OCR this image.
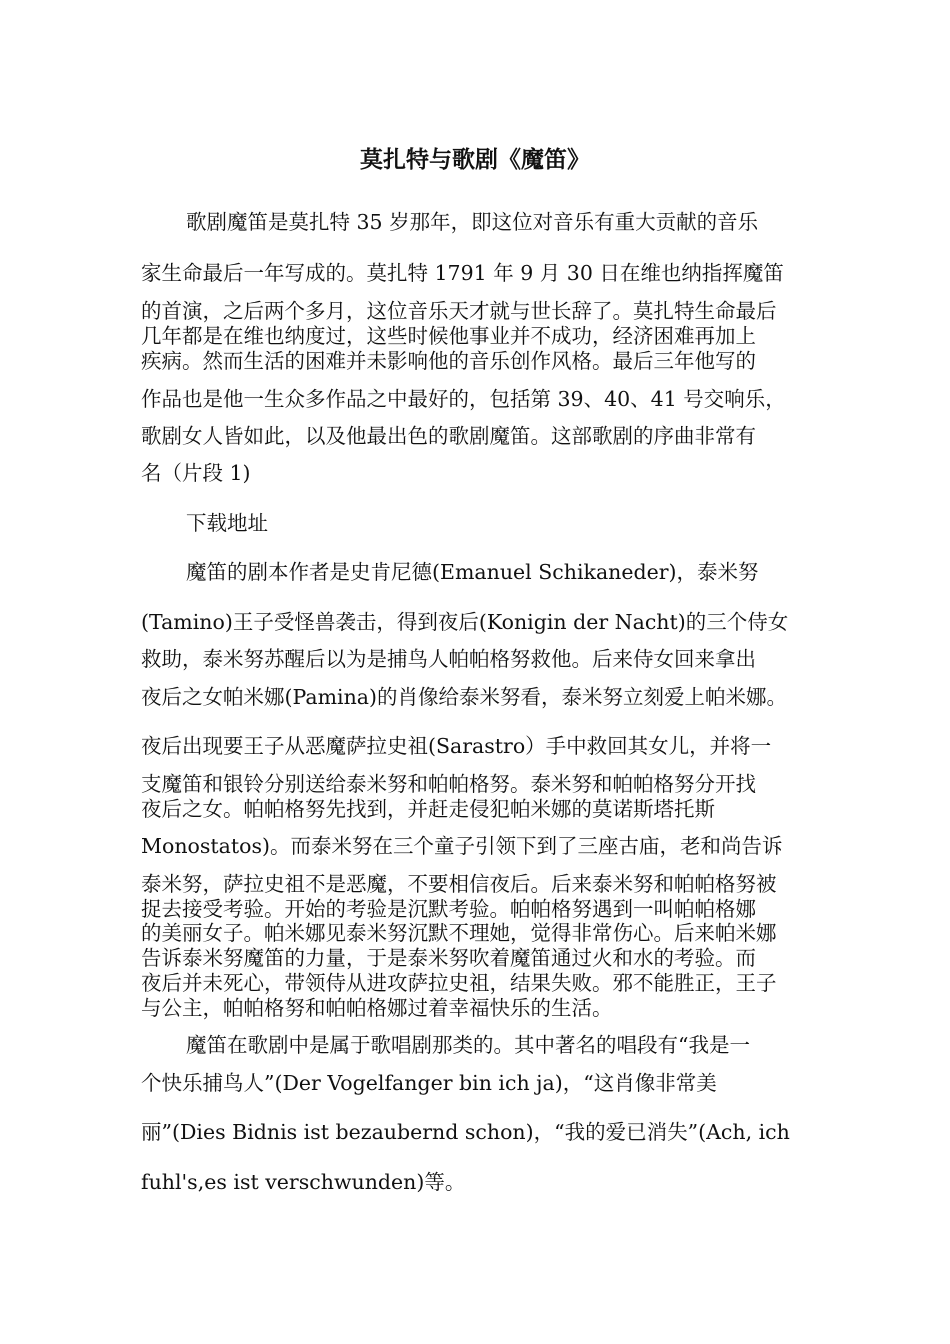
莫扎特与歌剧《魔笛》
歌剧魔笛是莫扎特 35 岁那年，即这位对音乐有重大贡献的音乐
家生命最后一年写成的。莫扎特 1791 年 9 月 30 日在维也纳指挥魔笛
的首演，之后两个多月，这位音乐天才就与世长辞了。莫扎特生命最后
几年都是在维也纳度过，这些时候他事业并不成功，经济困难再加上
疾病。然而生活的困难并未影响他的音乐创作风格。最后三年他写的
作品也是他一生众多作品之中最好的，包括第 39、40、41 号交响乐，
歌剧女人皆如此，以及他最出色的歌剧魔笛。这部歌剧的序曲非常有
名（片段 1)
下载地址
魔笛的剧本作者是史肯尼德(Emanuel Schikaneder)，泰米努
(Tamino)王子受怪兽袭击，得到夜后(Konigin der Nacht)的三个侍女
救助，泰米努苏醒后以为是捕鸟人帕帕格努救他。后来侍女回来拿出
夜后之女帕米娜(Pamina)的肖像给泰米努看，泰米努立刻爱上帕米娜。
夜后出现要王子从恶魔萨拉史祖(Sarastro）手中救回其女儿，并将一
支魔笛和银铃分别送给泰米努和帕帕格努。泰米努和帕帕格努分开找
夜后之女。帕帕格努先找到，并赶走侵犯帕米娜的莫诺斯塔托斯
Monostatos)。而泰米努在三个童子引领下到了三座古庙，老和尚告诉
泰米努，萨拉史祖不是恶魔，不要相信夜后。后来泰米努和帕帕格努被
捉去接受考验。开始的考验是沉默考验。帕帕格努遇到一叫帕帕格娜
的美丽女子。帕米娜见泰米努沉默不理她，觉得非常伤心。后来帕米娜
告诉泰米努魔笛的力量，于是泰米努吹着魔笛通过火和水的考验。而
夜后并未死心，带领侍从进攻萨拉史祖，结果失败。邪不能胜正，王子
与公主，帕帕格努和帕帕格娜过着幸福快乐的生活。
魔笛在歌剧中是属于歌唱剧那类的。其中著名的唱段有“我是一
个快乐捕鸟人”(Der Vogelfanger bin ich ja)，“这肖像非常美
丽”(Dies Bidnis ist bezaubernd schon)，“我的爱已消失”(Ach, ich
fuhl's,es ist verschwunden)等。
